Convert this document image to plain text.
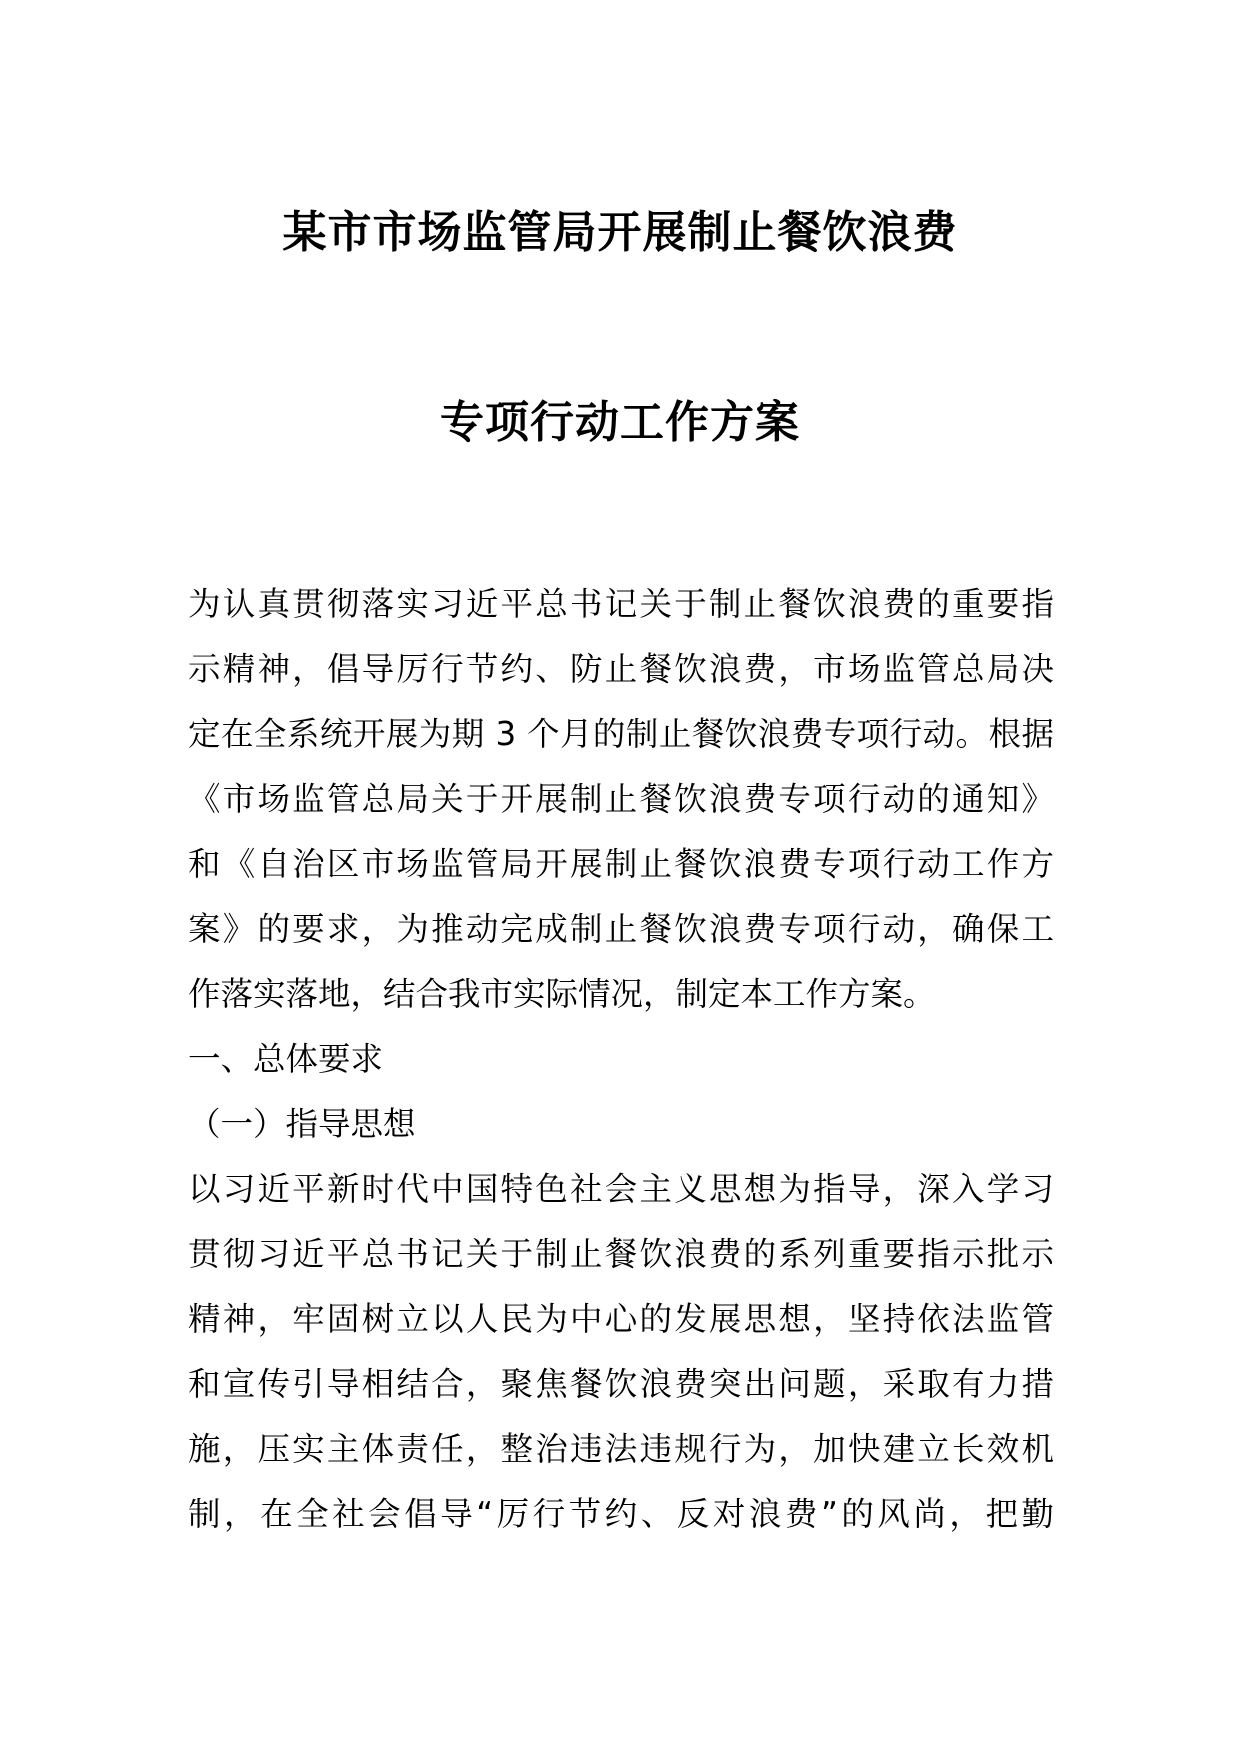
某市市场监管局开展制止餐饮浪费
专项行动工作方案
为认真贯彻落实习近平总书记关于制止餐饮浪费的重要指
示精神，倡导厉行节约、防止餐饮浪费，市场监管总局决
定在全系统开展为期 3 个月的制止餐饮浪费专项行动。根据
《市场监管总局关于开展制止餐饮浪费专项行动的通知》
和《自治区市场监管局开展制止餐饮浪费专项行动工作方
案》的要求，为推动完成制止餐饮浪费专项行动，确保工
作落实落地，结合我市实际情况，制定本工作方案。
一、总体要求
（一）指导思想
以习近平新时代中国特色社会主义思想为指导，深入学习
贯彻习近平总书记关于制止餐饮浪费的系列重要指示批示
精神，牢固树立以人民为中心的发展思想，坚持依法监管
和宣传引导相结合，聚焦餐饮浪费突出问题，采取有力措
施，压实主体责任，整治违法违规行为，加快建立长效机
制，在全社会倡导“厉行节约、反对浪费”的风尚，把勤
